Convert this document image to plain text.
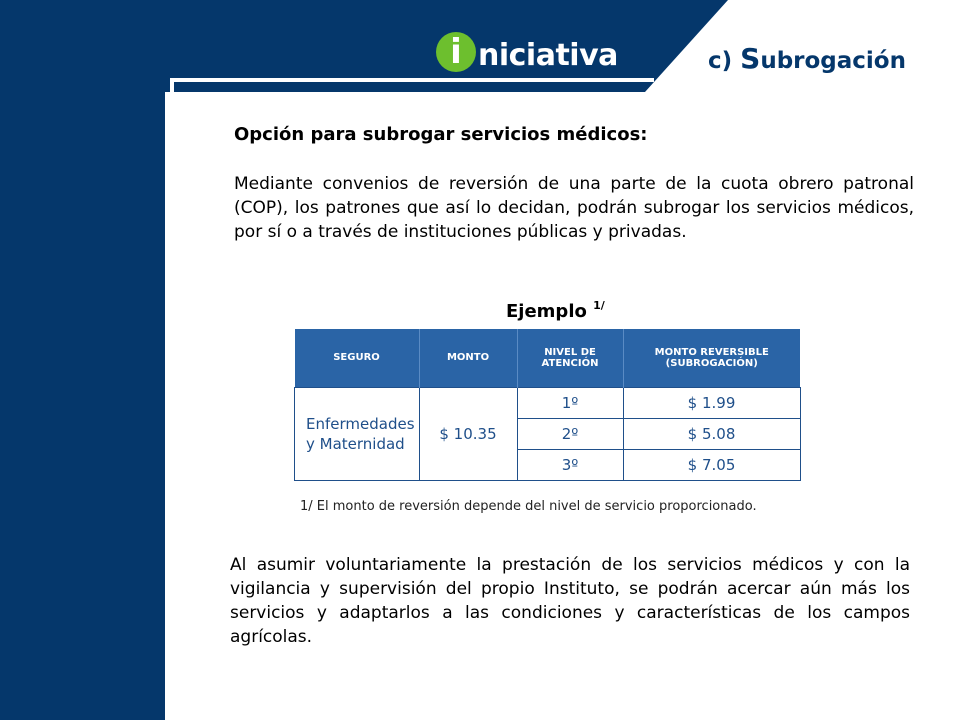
i niciativa	c) Subrogación
Opción para subrogar servicios médicos:
Mediante convenios de reversión de una parte de la cuota obrero patronal (COP), los patrones que así lo decidan, podrán subrogar los servicios médicos, por sí o a través de instituciones públicas y privadas.
Ejemplo $^{1/}$
SEGURO	MONTO	NIVEL DE ATENCIÓN	MONTO REVERSIBLE (SUBROGACIÓN)
Enfermedades y Maternidad	$ 10.35	1º	$ 1.99
		2º	$ 5.08
		3º	$ 7.05
1/ El monto de reversión depende del nivel de servicio proporcionado.
Al asumir voluntariamente la prestación de los servicios médicos y con la vigilancia y supervisión del propio Instituto, se podrán acercar aún más los servicios y adaptarlos a las condiciones y características de los campos agrícolas.
